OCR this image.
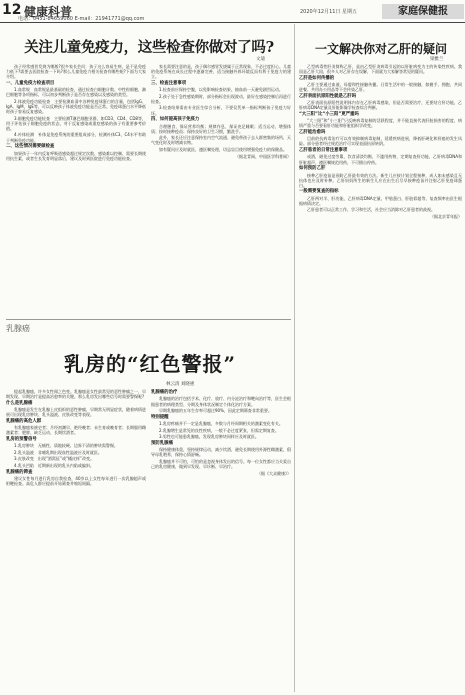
12 健康科普
电话：0451-84659060 E-mail：21941771@qq.com
2020年12月11日 星期五	家庭保健报
关注儿童免疫力，这些检查你做对了吗?
文迪

孩子经常感冒发烧为哪般?很多家长会问：孩子这么容易生病，是不是免疫力低下?需要去医院检查一下吗?那么儿童免疫力相关检查有哪些呢?下面为大家介绍。

一、儿童免疫力检查项目

1.血常规　血常规是最基础的检查，通过检查白细胞计数、中性粒细胞、淋巴细胞等各项指标，可以初步判断孩子是否存在感染以及感染的类型。

2.体液免疫功能检查　主要检测血清中各种免疫球蛋白的含量，包括IgG、IgA、IgM、IgE等，可以反映孩子体液免疫功能是否正常。免疫球蛋白水平降低时孩子容易反复感染。

3.细胞免疫功能检查　主要检测T淋巴细胞亚群，如CD3、CD4、CD8等，用于评估孩子细胞免疫的状态，对于反复感染或重症感染的孩子有重要参考价值。

4.补体检测　补体是免疫系统的重要组成部分，检测补体C3、C4水平有助于判断免疫功能。

二、这些情况需要做检查

如果孩子一年内反复呼吸道感染超过规定次数、感染难以控制、需要长期使用抗生素，或者生长发育明显落后，建议及时到医院进行免疫功能检查。

家长需要注意的是，孩子偶尔感冒发烧属于正常现象，不必过度担心。儿童的免疫系统在成长过程中逐渐完善，适当接触外界环境反而有利于免疫力的建立。

三、检查注意事项

1.检查前应保持空腹，以免影响检查结果。抽血前一天避免剧烈运动。

2.孩子处于急性感染期时，部分指标会出现波动，最好在感染控制后再进行检查。

3.检查结果需由专业医生综合分析，不要仅凭单一指标判断孩子免疫力好坏。

四、如何提高孩子免疫力

合理膳食，保证营养均衡；规律作息，保证充足睡眠；适当运动，增强体质；按时接种疫苗；保持良好的卫生习惯，勤洗手。

此外，家长还应注意保持室内空气流通，避免带孩子去人群密集的场所，天气变化时及时增减衣物。

如有疑问应及时就医，遵医嘱处理，切忌盲目使用增强免疫力的保健品。

（据北青网、中国医学科普网）

乳腺癌
乳房的“红色警报”
林云清 刘晓惠

提起乳腺癌，许多女性闻之色变。乳腺癌是女性最常见的恶性肿瘤之一，早期发现、早期治疗是提高治愈率的关键。那么乳房发出哪些信号时需要警惕呢?

什么是乳腺癌

乳腺癌是发生在乳腺上皮组织的恶性肿瘤，早期常无明显症状，随着病情进展可出现乳房肿块、乳头溢液、皮肤改变等表现。

乳腺癌的高危人群

有乳腺癌家族史者；月经初潮早、绝经晚者；未生育或晚育者；长期服用雌激素者；肥胖、缺乏运动、长期饮酒者。

乳房的预警信号

1.乳房肿块　无痛性、质地较硬、边界不清的肿块需警惕。

2.乳头溢液　非哺乳期出现血性溢液应及时就医。

3.皮肤改变　出现“酒窝征”或“橘皮样”改变。

4.乳头凹陷　近期新出现的乳头内陷或偏斜。

乳腺癌的筛查

建议女性每月进行乳房自我检查，40岁以上女性每年进行一次乳腺超声或钼靶检查。高危人群应提前开始筛查并缩短间隔。

乳腺癌的治疗

乳腺癌的治疗包括手术、化疗、放疗、内分泌治疗和靶向治疗等，医生会根据患者的病理类型、分期及身体状况制定个体化治疗方案。

早期乳腺癌的五年生存率可超过90%，因此定期筛查非常重要。

特别提醒

1.乳房疼痛并不一定是乳腺癌，多数与月经周期相关的激素变化有关。

2.乳腺增生是常见的良性疾病，一般不必过度紧张，但需定期复查。

3.男性也可能患乳腺癌，发现乳房肿块同样应及时就医。

预防乳腺癌

保持健康体重，坚持规律运动，减少饮酒，避免长期使用外源性雌激素，倡导母乳喂养，保持心情舒畅。

乳腺癌并不可怕，可怕的是忽视身体发出的信号。每一位女性都应当关爱自己的乳房健康，做到早发现、早诊断、早治疗。

（据《大众健康》）

一文解决你对乙肝的疑问
梁雅兰

乙型病毒性肝炎简称乙肝，是由乙型肝炎病毒引起的以肝脏病变为主的传染性疾病。我国是乙肝大国，很多人对乙肝存在误解，下面就为大家解答常见的疑问。

乙肝是如何传播的

乙肝主要通过血液、母婴和性接触传播。日常生活中的一般接触，如握手、拥抱、共同进餐、共用办公用品等不会传染乙肝。

乙肝表面抗原阳性就是乙肝吗

乙肝表面抗原阳性说明体内存在乙肝病毒感染，但是否需要治疗，还要结合肝功能、乙肝病毒DNA定量及肝脏影像学检查综合判断。

“大三阳”比“小三阳”更严重吗

“大三阳”和“小三阳”只反映病毒复制的活跃程度，并不能直接代表肝脏损害的程度，病情严重与否要看肝功能和肝脏组织学改变。

乙肝能治愈吗

目前的抗病毒治疗可以有效抑制病毒复制，延缓疾病进展，降低肝硬化和肝癌的发生风险。部分患者经过规范治疗可实现表面抗原转阴。

乙肝患者的日常注意事项

戒酒，避免过度劳累，饮食清淡均衡，不滥用药物，定期复查肝功能、乙肝病毒DNA和肝脏超声，遵医嘱规范用药，不可擅自停药。

如何预防乙肝

接种乙肝疫苗是预防乙肝最有效的方法。新生儿应按计划全程接种，成人如未感染且无抗体也应及时补种。乙肝妈妈所生的新生儿应在出生后尽早接种疫苗并注射乙肝免疫球蛋白。

一般需要复查的指标

乙肝两对半、肝功能、乙肝病毒DNA定量、甲胎蛋白、肝脏彩超等，复查频率由医生根据病情决定。

乙肝患者可以正常工作、学习和生活，社会应当消除对乙肝患者的歧视。

（据北京青年报）
